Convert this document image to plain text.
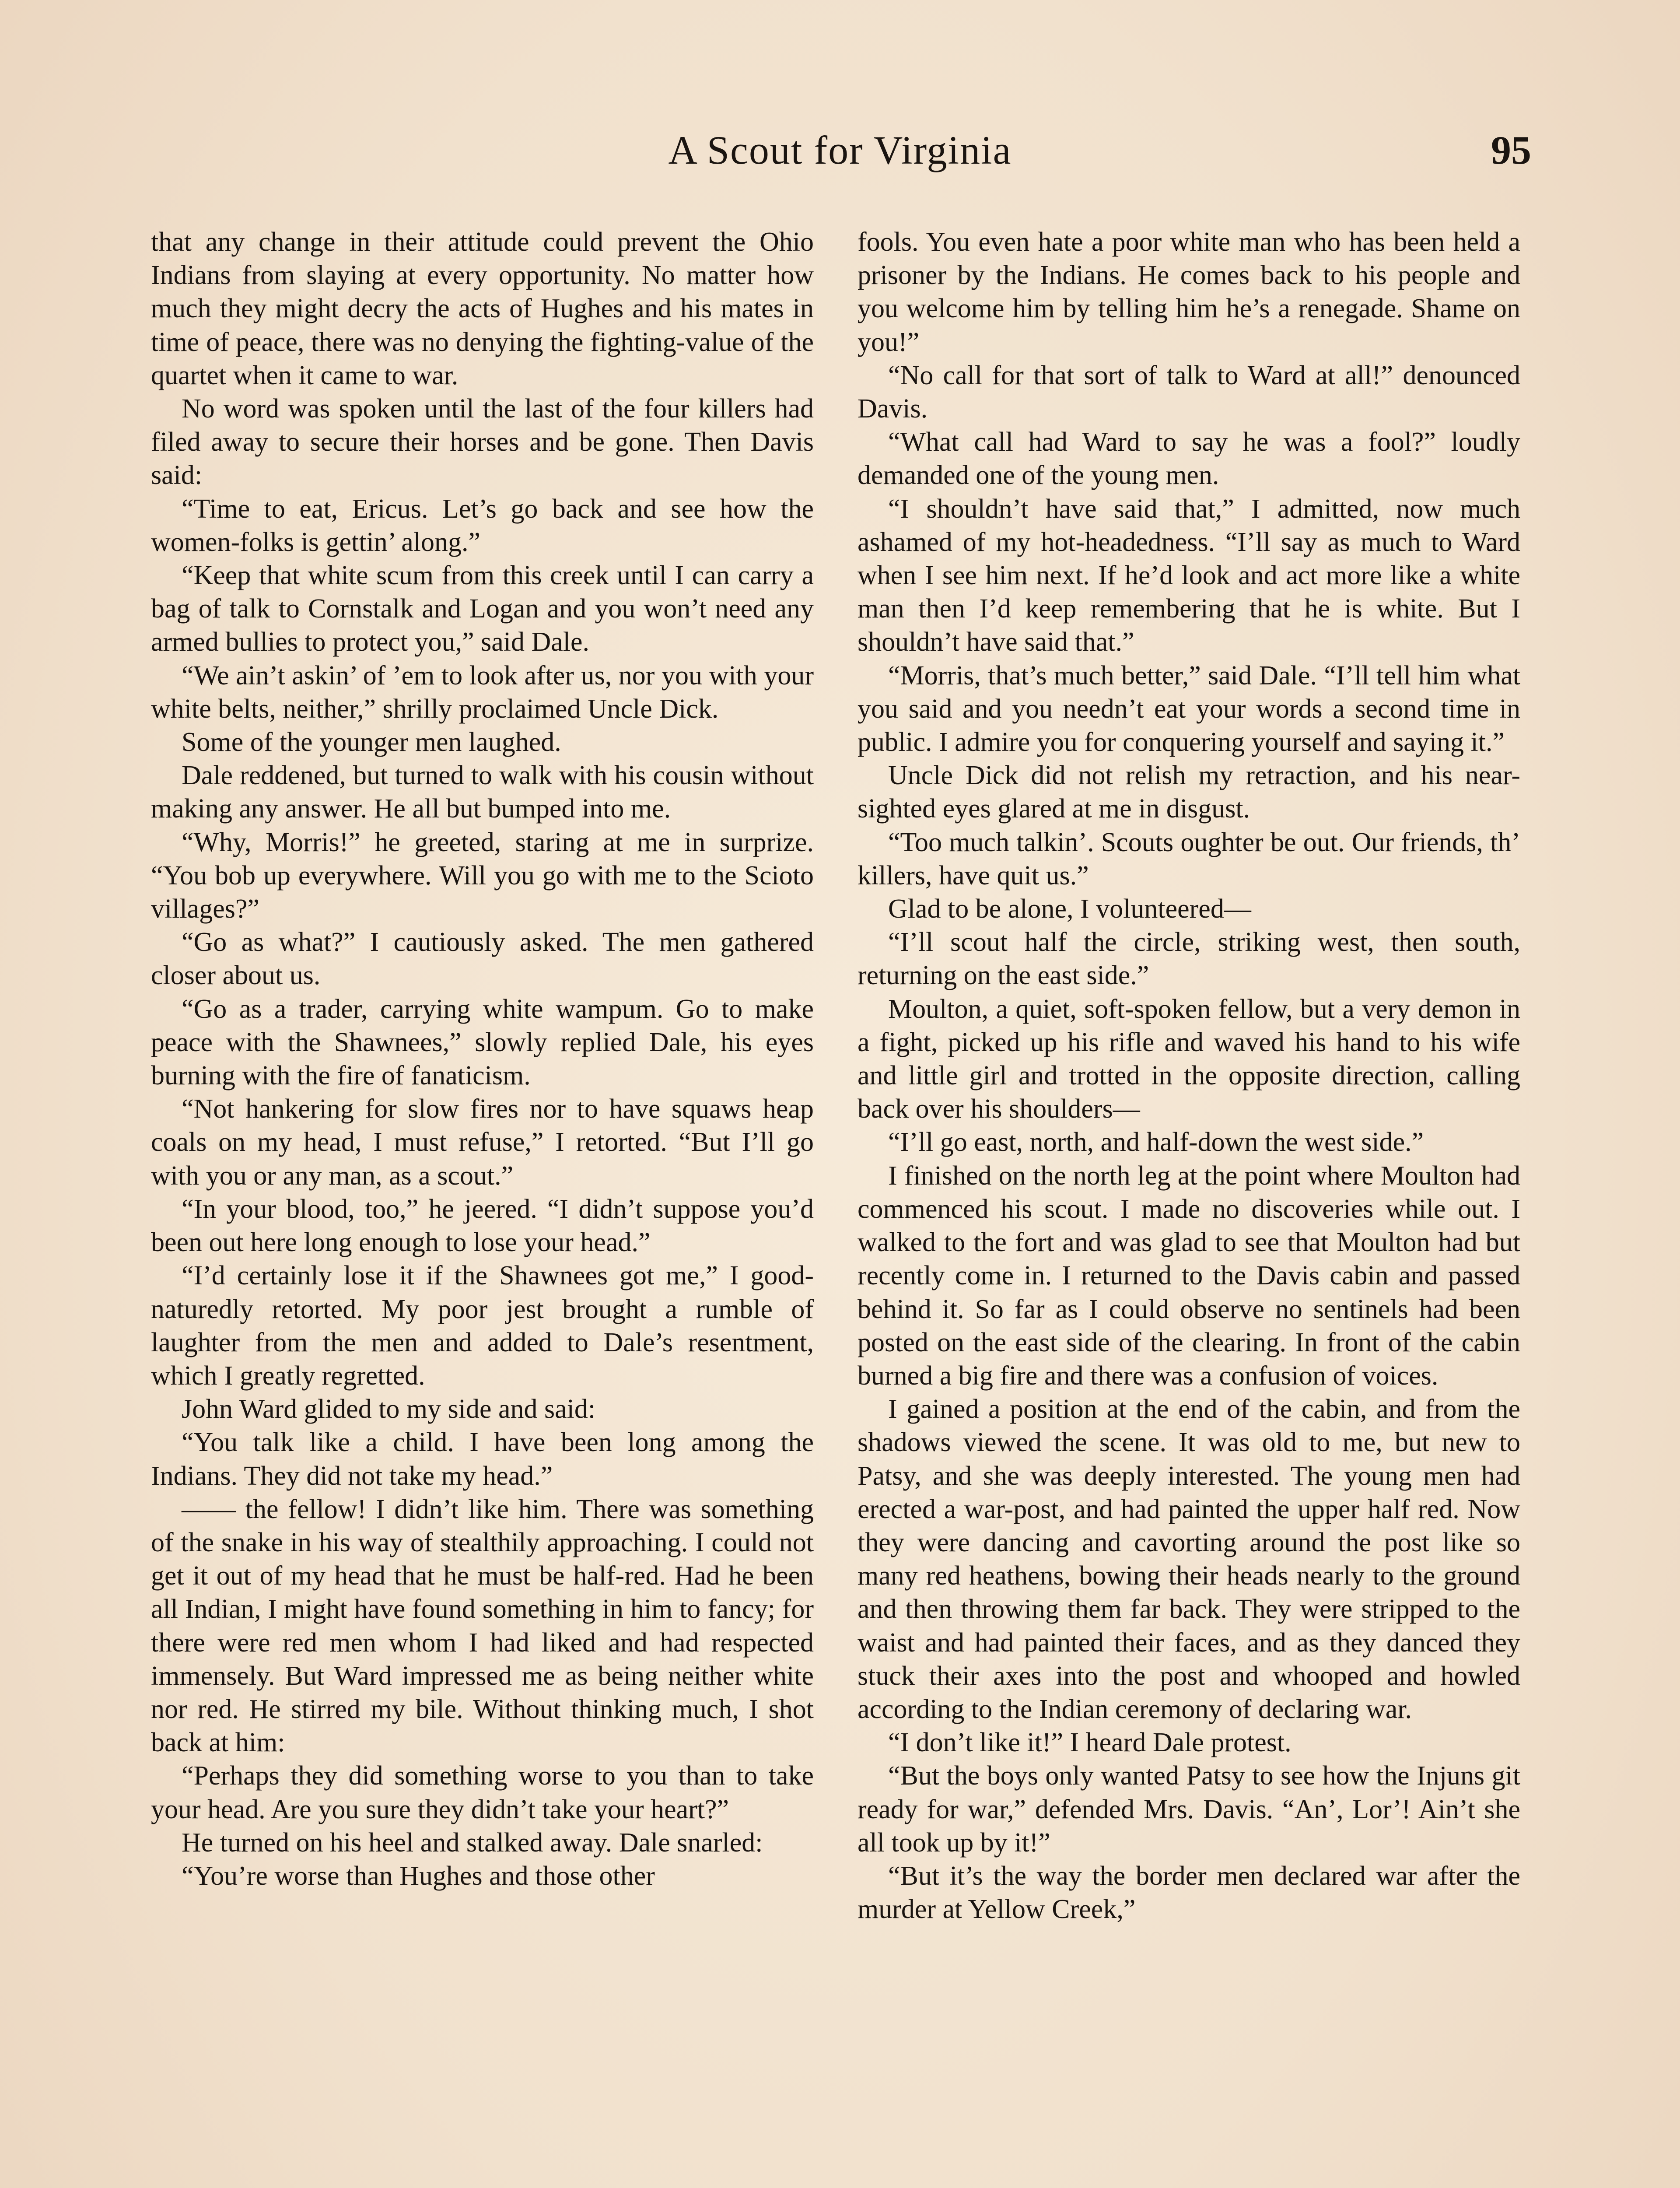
A Scout for Virginia	95

that any change in their attitude could prevent the Ohio Indians from slaying at every opportunity. No matter how much they might decry the acts of Hughes and his mates in time of peace, there was no denying the fighting-value of the quartet when it came to war.

No word was spoken until the last of the four killers had filed away to secure their horses and be gone. Then Davis said:

“Time to eat, Ericus. Let’s go back and see how the women-folks is gettin’ along.”

“Keep that white scum from this creek until I can carry a bag of talk to Cornstalk and Logan and you won’t need any armed bullies to protect you,” said Dale.

“We ain’t askin’ of ’em to look after us, nor you with your white belts, neither,” shrilly proclaimed Uncle Dick.

Some of the younger men laughed.

Dale reddened, but turned to walk with his cousin without making any answer. He all but bumped into me.

“Why, Morris!” he greeted, staring at me in surprize. “You bob up everywhere. Will you go with me to the Scioto villages?”

“Go as what?” I cautiously asked. The men gathered closer about us.

“Go as a trader, carrying white wampum. Go to make peace with the Shawnees,” slowly replied Dale, his eyes burning with the fire of fanaticism.

“Not hankering for slow fires nor to have squaws heap coals on my head, I must refuse,” I retorted. “But I’ll go with you or any man, as a scout.”

“In your blood, too,” he jeered. “I didn’t suppose you’d been out here long enough to lose your head.”

“I’d certainly lose it if the Shawnees got me,” I good-naturedly retorted. My poor jest brought a rumble of laughter from the men and added to Dale’s resentment, which I greatly regretted.

John Ward glided to my side and said:

“You talk like a child. I have been long among the Indians. They did not take my head.”

—— the fellow! I didn’t like him. There was something of the snake in his way of stealthily approaching. I could not get it out of my head that he must be half-red. Had he been all Indian, I might have found something in him to fancy; for there were red men whom I had liked and had respected immensely. But Ward impressed me as being neither white nor red. He stirred my bile. Without thinking much, I shot back at him:

“Perhaps they did something worse to you than to take your head. Are you sure they didn’t take your heart?”

He turned on his heel and stalked away. Dale snarled:

“You’re worse than Hughes and those other

fools. You even hate a poor white man who has been held a prisoner by the Indians. He comes back to his people and you welcome him by telling him he’s a renegade. Shame on you!”

“No call for that sort of talk to Ward at all!” denounced Davis.

“What call had Ward to say he was a fool?” loudly demanded one of the young men.

“I shouldn’t have said that,” I admitted, now much ashamed of my hot-headedness. “I’ll say as much to Ward when I see him next. If he’d look and act more like a white man then I’d keep remembering that he is white. But I shouldn’t have said that.”

“Morris, that’s much better,” said Dale. “I’ll tell him what you said and you needn’t eat your words a second time in public. I admire you for conquering yourself and saying it.”

Uncle Dick did not relish my retraction, and his near-sighted eyes glared at me in disgust.

“Too much talkin’. Scouts oughter be out. Our friends, th’ killers, have quit us.”

Glad to be alone, I volunteered—

“I’ll scout half the circle, striking west, then south, returning on the east side.”

Moulton, a quiet, soft-spoken fellow, but a very demon in a fight, picked up his rifle and waved his hand to his wife and little girl and trotted in the opposite direction, calling back over his shoulders—

“I’ll go east, north, and half-down the west side.”

I finished on the north leg at the point where Moulton had commenced his scout. I made no discoveries while out. I walked to the fort and was glad to see that Moulton had but recently come in. I returned to the Davis cabin and passed behind it. So far as I could observe no sentinels had been posted on the east side of the clearing. In front of the cabin burned a big fire and there was a confusion of voices.

I gained a position at the end of the cabin, and from the shadows viewed the scene. It was old to me, but new to Patsy, and she was deeply interested. The young men had erected a war-post, and had painted the upper half red. Now they were dancing and cavorting around the post like so many red heathens, bowing their heads nearly to the ground and then throwing them far back. They were stripped to the waist and had painted their faces, and as they danced they stuck their axes into the post and whooped and howled according to the Indian ceremony of declaring war.

“I don’t like it!” I heard Dale protest.

“But the boys only wanted Patsy to see how the Injuns git ready for war,” defended Mrs. Davis. “An’, Lor’! Ain’t she all took up by it!”

“But it’s the way the border men declared war after the murder at Yellow Creek,”
